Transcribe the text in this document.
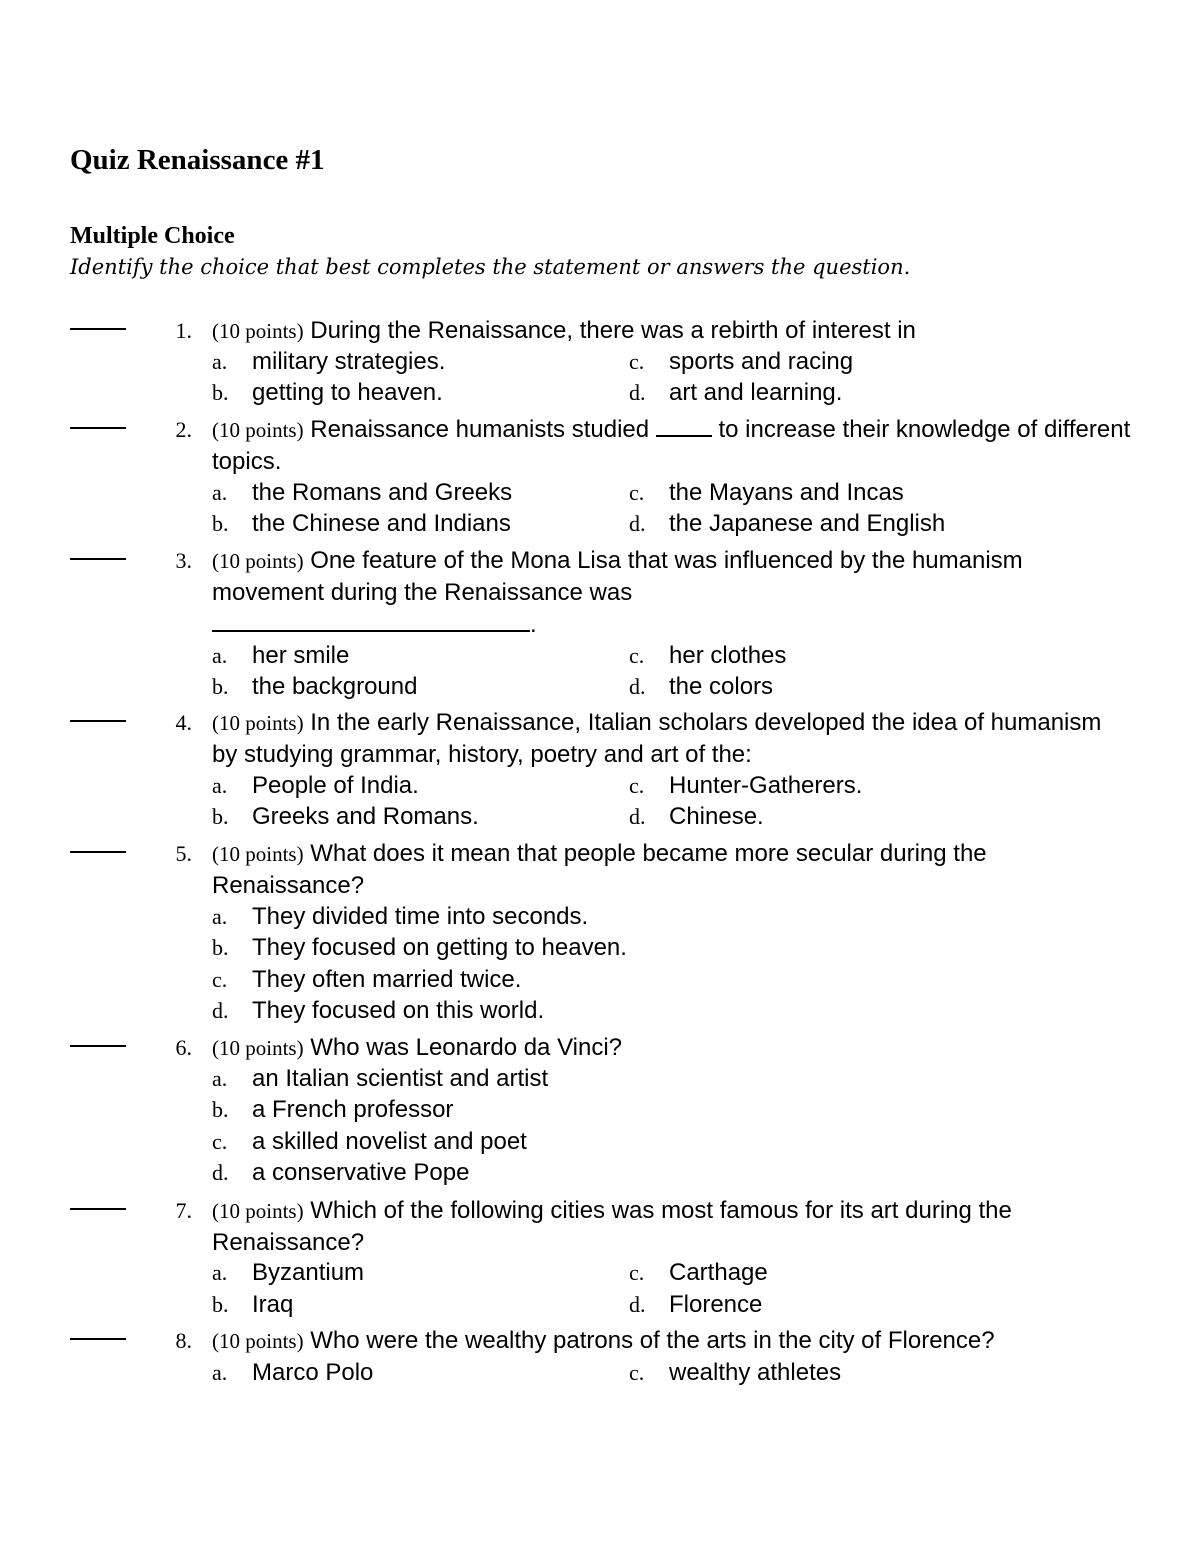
Quiz Renaissance #1
Multiple Choice
Identify the choice that best completes the statement or answers the question.
1. (10 points) During the Renaissance, there was a rebirth of interest in
a. military strategies.
b. getting to heaven.
c. sports and racing
d. art and learning.
2. (10 points) Renaissance humanists studied	to increase their knowledge of different topics.
a. the Romans and Greeks
b. the Chinese and Indians
c. the Mayans and Incas
d. the Japanese and English
3. (10 points) One feature of the Mona Lisa that was influenced by the humanism movement during the Renaissance was
.
a. her smile
b. the background
c. her clothes
d. the colors
4. (10 points) In the early Renaissance, Italian scholars developed the idea of humanism by studying grammar, history, poetry and art of the:
a. People of India.
b. Greeks and Romans.
c. Hunter-Gatherers.
d. Chinese.
5. (10 points) What does it mean that people became more secular during the Renaissance?
a. They divided time into seconds.
b. They focused on getting to heaven.
c. They often married twice.
d. They focused on this world.
6. (10 points) Who was Leonardo da Vinci?
a. an Italian scientist and artist
b. a French professor
c. a skilled novelist and poet
d. a conservative Pope
7. (10 points) Which of the following cities was most famous for its art during the Renaissance?
a. Byzantium
b. Iraq
c. Carthage
d. Florence
8. (10 points) Who were the wealthy patrons of the arts in the city of Florence?
a. Marco Polo	c. wealthy athletes
